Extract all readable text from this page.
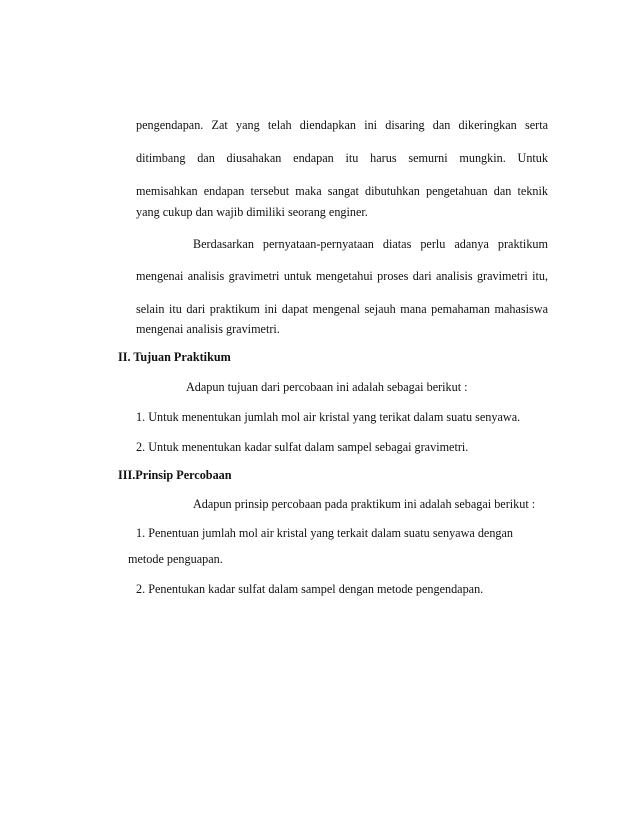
pengendapan. Zat yang telah diendapkan ini disaring dan dikeringkan serta
ditimbang dan diusahakan endapan itu harus semurni mungkin. Untuk
memisahkan endapan tersebut maka sangat dibutuhkan pengetahuan dan teknik
yang cukup dan wajib dimiliki seorang enginer.
Berdasarkan pernyataan-pernyataan diatas perlu adanya praktikum
mengenai analisis gravimetri untuk mengetahui proses dari analisis gravimetri itu,
selain itu dari praktikum ini dapat mengenal sejauh mana pemahaman mahasiswa
mengenai analisis gravimetri.
II. Tujuan Praktikum
Adapun tujuan dari percobaan ini adalah sebagai berikut :
1. Untuk menentukan jumlah mol air kristal yang terikat dalam suatu senyawa.
2. Untuk menentukan kadar sulfat dalam sampel sebagai gravimetri.
III.Prinsip Percobaan
Adapun prinsip percobaan pada praktikum ini adalah sebagai berikut :
1. Penentuan jumlah mol air kristal yang terkait dalam suatu senyawa dengan
metode penguapan.
2. Penentukan kadar sulfat dalam sampel dengan metode pengendapan.
